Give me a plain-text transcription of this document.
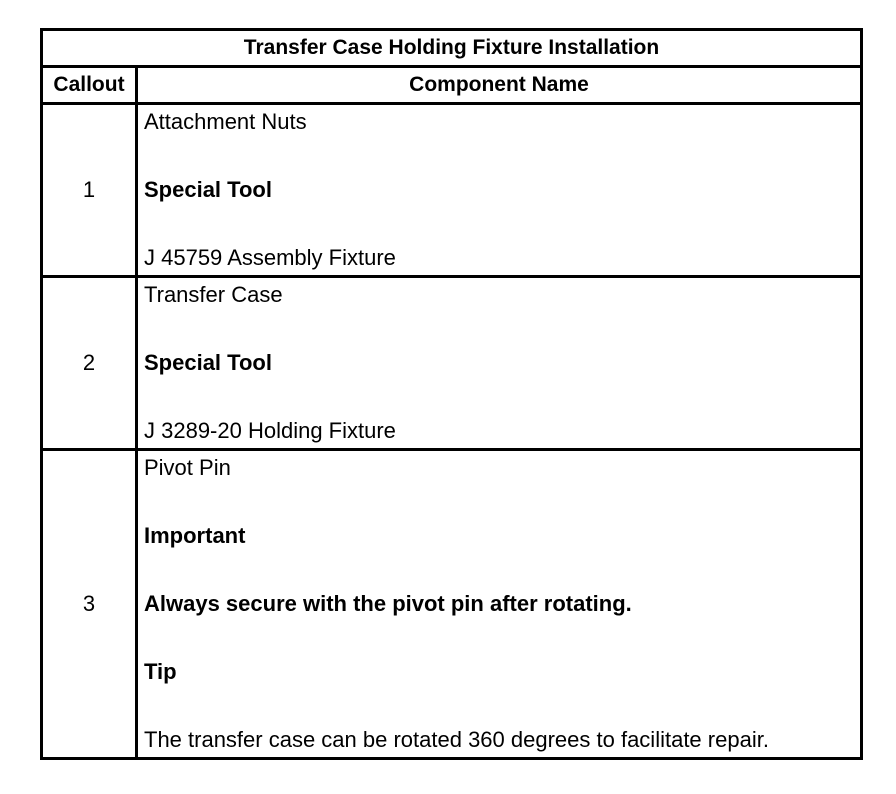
Transfer Case Holding Fixture Installation	
Callout	Component Name
1	Attachment Nuts
Special Tool
J 45759 Assembly Fixture

2	Transfer Case
Special Tool
J 3289-20 Holding Fixture

3	Pivot Pin
Important
Always secure with the pivot pin after rotating.
Tip
The transfer case can be rotated 360 degrees to facilitate repair.
